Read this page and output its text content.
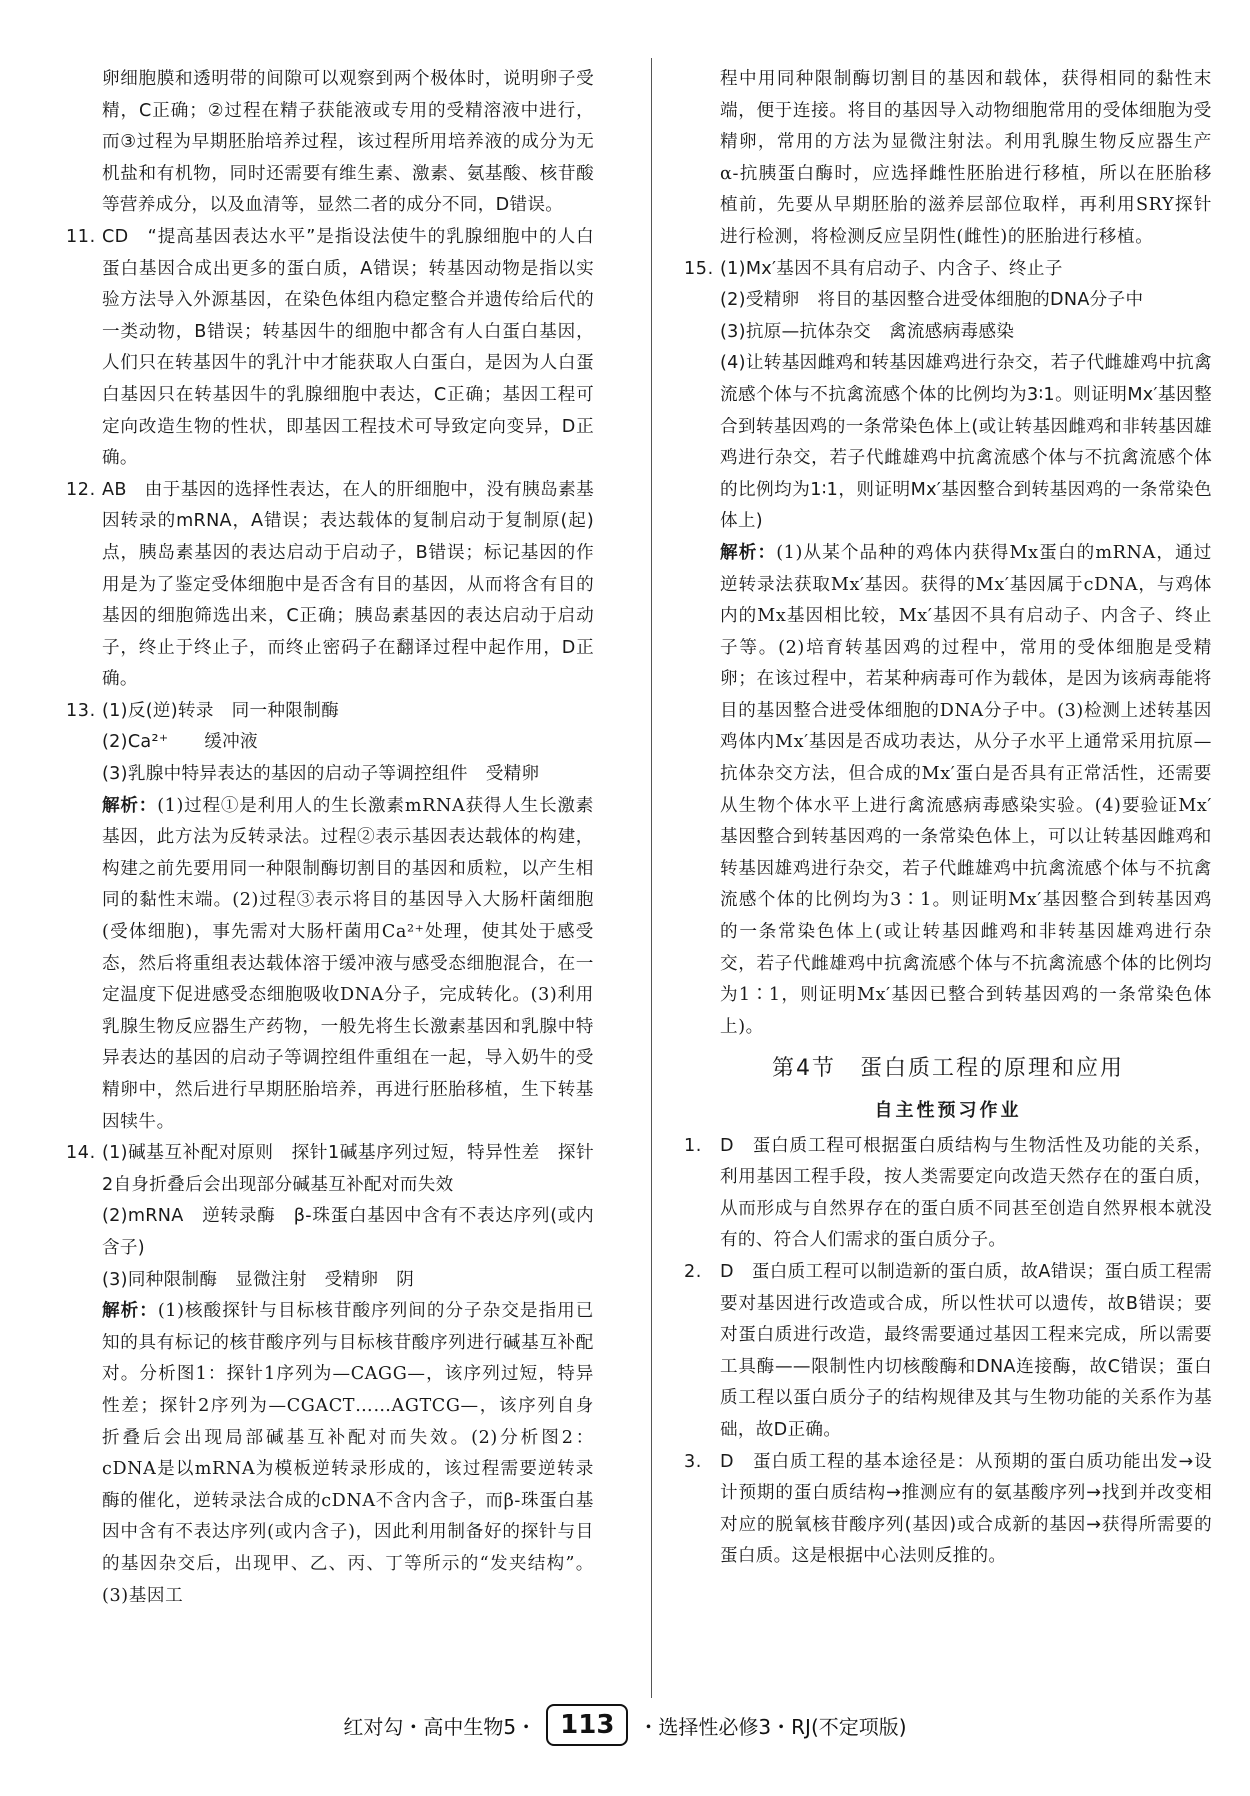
卵细胞膜和透明带的间隙可以观察到两个极体时，说明卵子受精，C正确；②过程在精子获能液或专用的受精溶液中进行，而③过程为早期胚胎培养过程，该过程所用培养液的成分为无机盐和有机物，同时还需要有维生素、激素、氨基酸、核苷酸等营养成分，以及血清等，显然二者的成分不同，D错误。

11. CD　“提高基因表达水平”是指设法使牛的乳腺细胞中的人白蛋白基因合成出更多的蛋白质，A错误；转基因动物是指以实验方法导入外源基因，在染色体组内稳定整合并遗传给后代的一类动物，B错误；转基因牛的细胞中都含有人白蛋白基因，人们只在转基因牛的乳汁中才能获取人白蛋白，是因为人白蛋白基因只在转基因牛的乳腺细胞中表达，C正确；基因工程可定向改造生物的性状，即基因工程技术可导致定向变异，D正确。
12. AB　由于基因的选择性表达，在人的肝细胞中，没有胰岛素基因转录的mRNA，A错误；表达载体的复制启动于复制原(起)点，胰岛素基因的表达启动于启动子，B错误；标记基因的作用是为了鉴定受体细胞中是否含有目的基因，从而将含有目的基因的细胞筛选出来，C正确；胰岛素基因的表达启动于启动子，终止于终止子，而终止密码子在翻译过程中起作用，D正确。
13. (1)反(逆)转录　同一种限制酶
(2)Ca²⁺　　缓冲液
(3)乳腺中特异表达的基因的启动子等调控组件　受精卵
解析：(1)过程①是利用人的生长激素mRNA获得人生长激素基因，此方法为反转录法。过程②表示基因表达载体的构建，构建之前先要用同一种限制酶切割目的基因和质粒，以产生相同的黏性末端。(2)过程③表示将目的基因导入大肠杆菌细胞(受体细胞)，事先需对大肠杆菌用Ca²⁺处理，使其处于感受态，然后将重组表达载体溶于缓冲液与感受态细胞混合，在一定温度下促进感受态细胞吸收DNA分子，完成转化。(3)利用乳腺生物反应器生产药物，一般先将生长激素基因和乳腺中特异表达的基因的启动子等调控组件重组在一起，导入奶牛的受精卵中，然后进行早期胚胎培养，再进行胚胎移植，生下转基因犊牛。
14. (1)碱基互补配对原则　探针1碱基序列过短，特异性差　探针2自身折叠后会出现部分碱基互补配对而失效
(2)mRNA　逆转录酶　β-珠蛋白基因中含有不表达序列(或内含子)
(3)同种限制酶　显微注射　受精卵　阴
解析：(1)核酸探针与目标核苷酸序列间的分子杂交是指用已知的具有标记的核苷酸序列与目标核苷酸序列进行碱基互补配对。分析图1：探针1序列为—CAGG—，该序列过短，特异性差；探针2序列为—CGACT……AGTCG—，该序列自身折叠后会出现局部碱基互补配对而失效。(2)分析图2：cDNA是以mRNA为模板逆转录形成的，该过程需要逆转录酶的催化，逆转录法合成的cDNA不含内含子，而β-珠蛋白基因中含有不表达序列(或内含子)，因此利用制备好的探针与目的基因杂交后，出现甲、乙、丙、丁等所示的“发夹结构”。(3)基因工

程中用同种限制酶切割目的基因和载体，获得相同的黏性末端，便于连接。将目的基因导入动物细胞常用的受体细胞为受精卵，常用的方法为显微注射法。利用乳腺生物反应器生产α-抗胰蛋白酶时，应选择雌性胚胎进行移植，所以在胚胎移植前，先要从早期胚胎的滋养层部位取样，再利用SRY探针进行检测，将检测反应呈阴性(雌性)的胚胎进行移植。

15. (1)Mx′基因不具有启动子、内含子、终止子
(2)受精卵　将目的基因整合进受体细胞的DNA分子中
(3)抗原—抗体杂交　禽流感病毒感染
(4)让转基因雌鸡和转基因雄鸡进行杂交，若子代雌雄鸡中抗禽流感个体与不抗禽流感个体的比例均为3∶1。则证明Mx′基因整合到转基因鸡的一条常染色体上(或让转基因雌鸡和非转基因雄鸡进行杂交，若子代雌雄鸡中抗禽流感个体与不抗禽流感个体的比例均为1∶1，则证明Mx′基因整合到转基因鸡的一条常染色体上)
解析：(1)从某个品种的鸡体内获得Mx蛋白的mRNA，通过逆转录法获取Mx′基因。获得的Mx′基因属于cDNA，与鸡体内的Mx基因相比较，Mx′基因不具有启动子、内含子、终止子等。(2)培育转基因鸡的过程中，常用的受体细胞是受精卵；在该过程中，若某种病毒可作为载体，是因为该病毒能将目的基因整合进受体细胞的DNA分子中。(3)检测上述转基因鸡体内Mx′基因是否成功表达，从分子水平上通常采用抗原—抗体杂交方法，但合成的Mx′蛋白是否具有正常活性，还需要从生物个体水平上进行禽流感病毒感染实验。(4)要验证Mx′基因整合到转基因鸡的一条常染色体上，可以让转基因雌鸡和转基因雄鸡进行杂交，若子代雌雄鸡中抗禽流感个体与不抗禽流感个体的比例均为3∶1。则证明Mx′基因整合到转基因鸡的一条常染色体上(或让转基因雌鸡和非转基因雄鸡进行杂交，若子代雌雄鸡中抗禽流感个体与不抗禽流感个体的比例均为1∶1，则证明Mx′基因已整合到转基因鸡的一条常染色体上)。
第4节　蛋白质工程的原理和应用
自主性预习作业
1.	D　蛋白质工程可根据蛋白质结构与生物活性及功能的关系，利用基因工程手段，按人类需要定向改造天然存在的蛋白质，从而形成与自然界存在的蛋白质不同甚至创造自然界根本就没有的、符合人们需求的蛋白质分子。
2.	D　蛋白质工程可以制造新的蛋白质，故A错误；蛋白质工程需要对基因进行改造或合成，所以性状可以遗传，故B错误；要对蛋白质进行改造，最终需要通过基因工程来完成，所以需要工具酶——限制性内切核酸酶和DNA连接酶，故C错误；蛋白质工程以蛋白质分子的结构规律及其与生物功能的关系作为基础，故D正确。
3.	D　蛋白质工程的基本途径是：从预期的蛋白质功能出发→设计预期的蛋白质结构→推测应有的氨基酸序列→找到并改变相对应的脱氧核苷酸序列(基因)或合成新的基因→获得所需要的蛋白质。这是根据中心法则反推的。
红对勾・高中生物5・ 113	・选择性必修3・RJ(不定项版)
